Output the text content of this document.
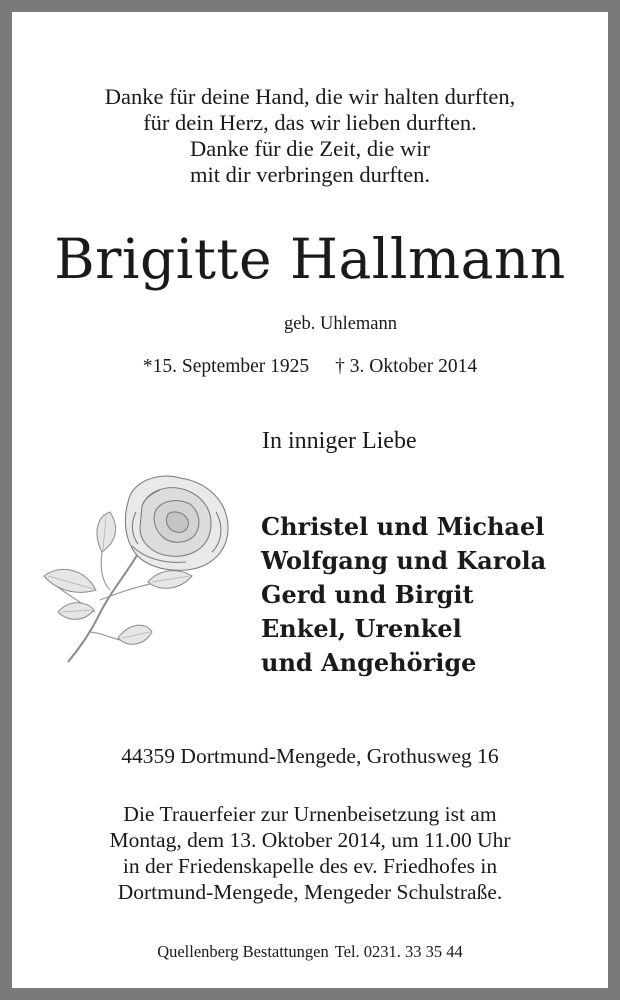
Danke für deine Hand, die wir halten durften,
für dein Herz, das wir lieben durften.
Danke für die Zeit, die wir
mit dir verbringen durften.
Brigitte Hallmann
geb. Uhlemann
*15. September 1925 † 3. Oktober 2014
In inniger Liebe
Christel und Michael
Wolfgang und Karola
Gerd und Birgit
Enkel, Urenkel
und Angehörige
44359 Dortmund-Mengede, Grothusweg 16
Die Trauerfeier zur Urnenbeisetzung ist am
Montag, dem 13. Oktober 2014, um 11.00 Uhr
in der Friedenskapelle des ev. Friedhofes in
Dortmund-Mengede, Mengeder Schulstraße.
Quellenberg Bestattungen Tel. 0231. 33 35 44
